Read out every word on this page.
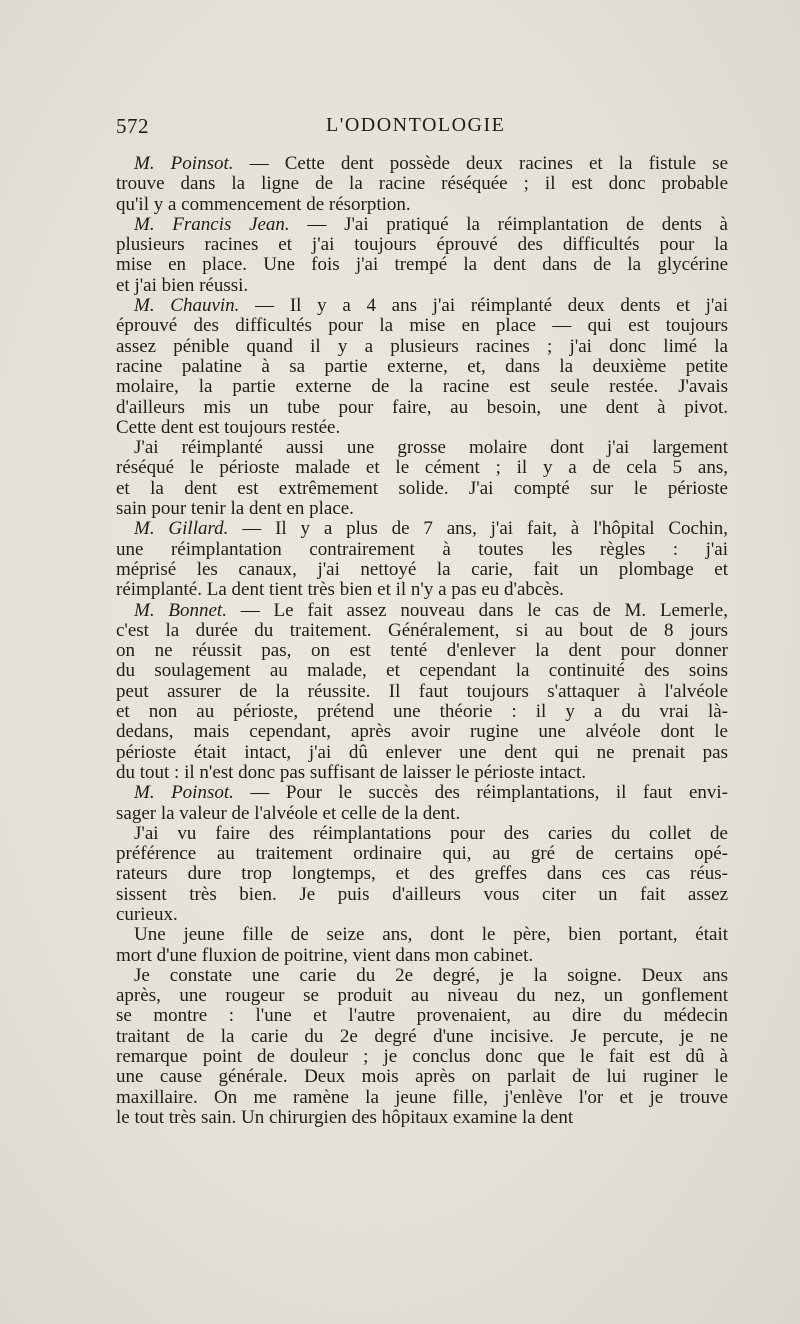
572	L'ODONTOLOGIE
M. Poinsot. — Cette dent possède deux racines et la fistule se
trouve dans la ligne de la racine réséquée ; il est donc probable
qu'il y a commencement de résorption.
M. Francis Jean. — J'ai pratiqué la réimplantation de dents à
plusieurs racines et j'ai toujours éprouvé des difficultés pour la
mise en place. Une fois j'ai trempé la dent dans de la glycérine
et j'ai bien réussi.
M. Chauvin. — Il y a 4 ans j'ai réimplanté deux dents et j'ai
éprouvé des difficultés pour la mise en place — qui est toujours
assez pénible quand il y a plusieurs racines ; j'ai donc limé la
racine palatine à sa partie externe, et, dans la deuxième petite
molaire, la partie externe de la racine est seule restée. J'avais
d'ailleurs mis un tube pour faire, au besoin, une dent à pivot.
Cette dent est toujours restée.
J'ai réimplanté aussi une grosse molaire dont j'ai largement
réséqué le périoste malade et le cément ; il y a de cela 5 ans,
et la dent est extrêmement solide. J'ai compté sur le périoste
sain pour tenir la dent en place.
M. Gillard. — Il y a plus de 7 ans, j'ai fait, à l'hôpital Cochin,
une réimplantation contrairement à toutes les règles : j'ai
méprisé les canaux, j'ai nettoyé la carie, fait un plombage et
réimplanté. La dent tient très bien et il n'y a pas eu d'abcès.
M. Bonnet. — Le fait assez nouveau dans le cas de M. Lemerle,
c'est la durée du traitement. Généralement, si au bout de 8 jours
on ne réussit pas, on est tenté d'enlever la dent pour donner
du soulagement au malade, et cependant la continuité des soins
peut assurer de la réussite. Il faut toujours s'attaquer à l'alvéole
et non au périoste, prétend une théorie : il y a du vrai là-
dedans, mais cependant, après avoir rugine une alvéole dont le
périoste était intact, j'ai dû enlever une dent qui ne prenait pas
du tout : il n'est donc pas suffisant de laisser le périoste intact.
M. Poinsot. — Pour le succès des réimplantations, il faut envi-
sager la valeur de l'alvéole et celle de la dent.
J'ai vu faire des réimplantations pour des caries du collet de
préférence au traitement ordinaire qui, au gré de certains opé-
rateurs dure trop longtemps, et des greffes dans ces cas réus-
sissent très bien. Je puis d'ailleurs vous citer un fait assez
curieux.
Une jeune fille de seize ans, dont le père, bien portant, était
mort d'une fluxion de poitrine, vient dans mon cabinet.
Je constate une carie du 2e degré, je la soigne. Deux ans
après, une rougeur se produit au niveau du nez, un gonflement
se montre : l'une et l'autre provenaient, au dire du médecin
traitant de la carie du 2e degré d'une incisive. Je percute, je ne
remarque point de douleur ; je conclus donc que le fait est dû à
une cause générale. Deux mois après on parlait de lui ruginer le
maxillaire. On me ramène la jeune fille, j'enlève l'or et je trouve
le tout très sain. Un chirurgien des hôpitaux examine la dent
